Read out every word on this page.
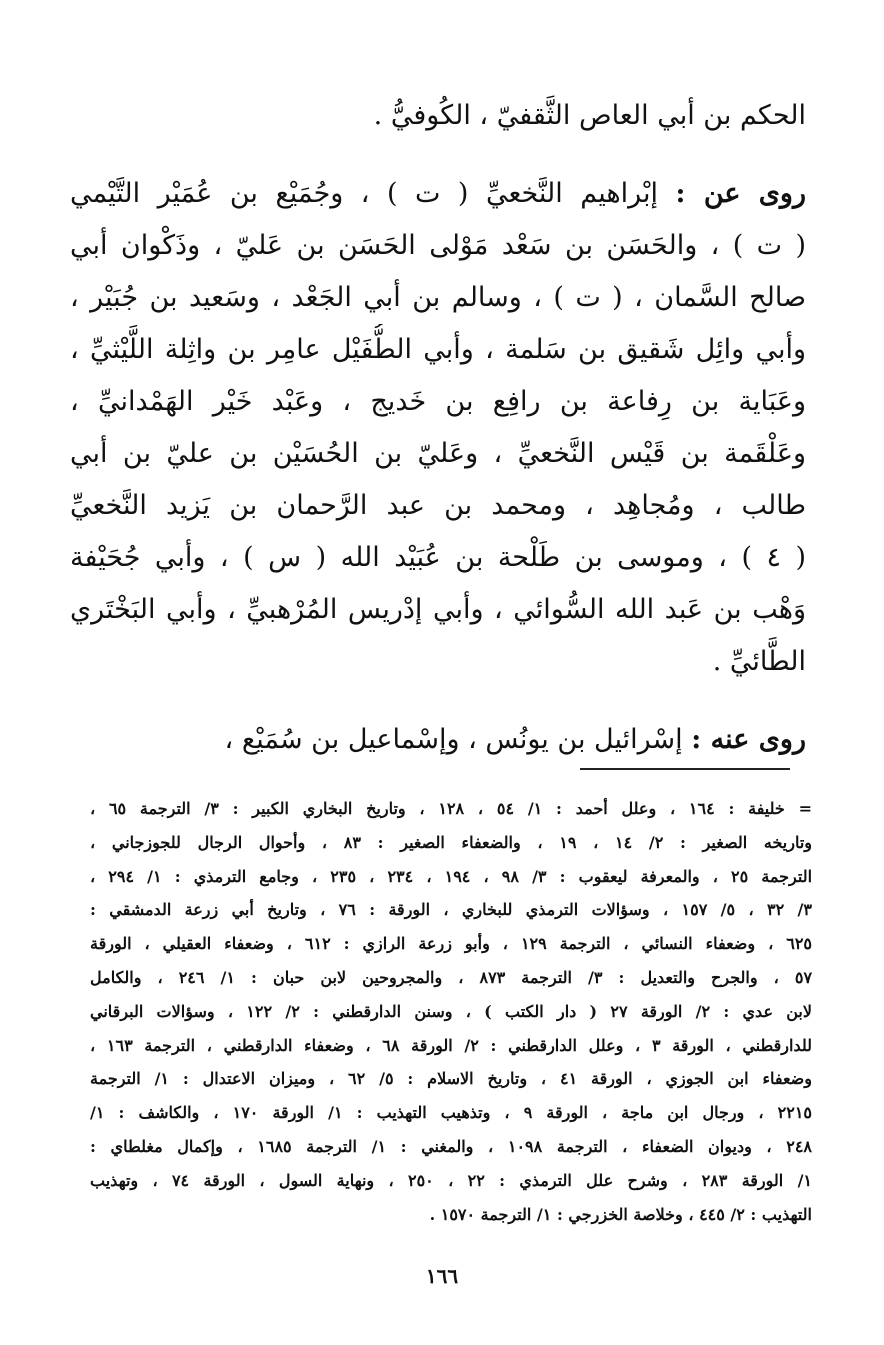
الحكم بن أبي العاص الثَّقفيّ ، الكُوفيُّ .
روى عن : إبْراهيم النَّخعيِّ ( ت ) ، وجُمَيْع بن عُمَيْر التَّيْمي
( ت ) ، والحَسَن بن سَعْد مَوْلى الحَسَن بن عَليّ ، وذَكْوان أبي
صالح السَّمان ، ( ت ) ، وسالم بن أبي الجَعْد ، وسَعيد بن جُبَيْر ،
وأبي وائِل شَقيق بن سَلمة ، وأبي الطُّفَيْل عامِر بن واثِلة اللَّيْثيِّ ،
وعَبَاية بن رِفاعة بن رافِع بن خَديج ، وعَبْد خَيْر الهَمْدانيِّ ،
وعَلْقَمة بن قَيْس النَّخعيِّ ، وعَليّ بن الحُسَيْن بن عليّ بن أبي
طالب ، ومُجاهِد ، ومحمد بن عبد الرَّحمان بن يَزيد النَّخعيِّ
( ٤ ) ، وموسى بن طَلْحة بن عُبَيْد الله ( س ) ، وأبي جُحَيْفة
وَهْب بن عَبد الله السُّوائي ، وأبي إدْريس المُرْهبيِّ ، وأبي البَخْتَري
الطَّائيِّ .
روى عنه : إسْرائيل بن يونُس ، وإسْماعيل بن سُمَيْع ،
= خليفة : ١٦٤ ، وعلل أحمد : ١/ ٥٤ ، ١٢٨ ، وتاريخ البخاري الكبير : ٣/ الترجمة ٦٥ ،
وتاريخه الصغير : ٢/ ١٤ ، ١٩ ، والضعفاء الصغير : ٨٣ ، وأحوال الرجال للجوزجاني ،
الترجمة ٢٥ ، والمعرفة ليعقوب : ٣/ ٩٨ ، ١٩٤ ، ٢٣٤ ، ٢٣٥ ، وجامع الترمذي : ١/ ٢٩٤ ،
٣/ ٣٢ ، ٥/ ١٥٧ ، وسؤالات الترمذي للبخاري ، الورقة : ٧٦ ، وتاريخ أبي زرعة الدمشقي :
٦٢٥ ، وضعفاء النسائي ، الترجمة ١٢٩ ، وأبو زرعة الرازي : ٦١٢ ، وضعفاء العقيلي ، الورقة
٥٧ ، والجرح والتعديل : ٣/ الترجمة ٨٧٣ ، والمجروحين لابن حبان : ١/ ٢٤٦ ، والكامل
لابن عدي : ٢/ الورقة ٢٧ ( دار الكتب ) ، وسنن الدارقطني : ٢/ ١٢٢ ، وسؤالات البرقاني
للدارقطني ، الورقة ٣ ، وعلل الدارقطني : ٢/ الورقة ٦٨ ، وضعفاء الدارقطني ، الترجمة ١٦٣ ،
وضعفاء ابن الجوزي ، الورقة ٤١ ، وتاريخ الاسلام : ٥/ ٦٢ ، وميزان الاعتدال : ١/ الترجمة
٢٢١٥ ، ورجال ابن ماجة ، الورقة ٩ ، وتذهيب التهذيب : ١/ الورقة ١٧٠ ، والكاشف : ١/
٢٤٨ ، وديوان الضعفاء ، الترجمة ١٠٩٨ ، والمغني : ١/ الترجمة ١٦٨٥ ، وإكمال مغلطاي :
١/ الورقة ٢٨٣ ، وشرح علل الترمذي : ٢٢ ، ٢٥٠ ، ونهاية السول ، الورقة ٧٤ ، وتهذيب
التهذيب : ٢/ ٤٤٥ ، وخلاصة الخزرجي : ١/ الترجمة ١٥٧٠ .
١٦٦
